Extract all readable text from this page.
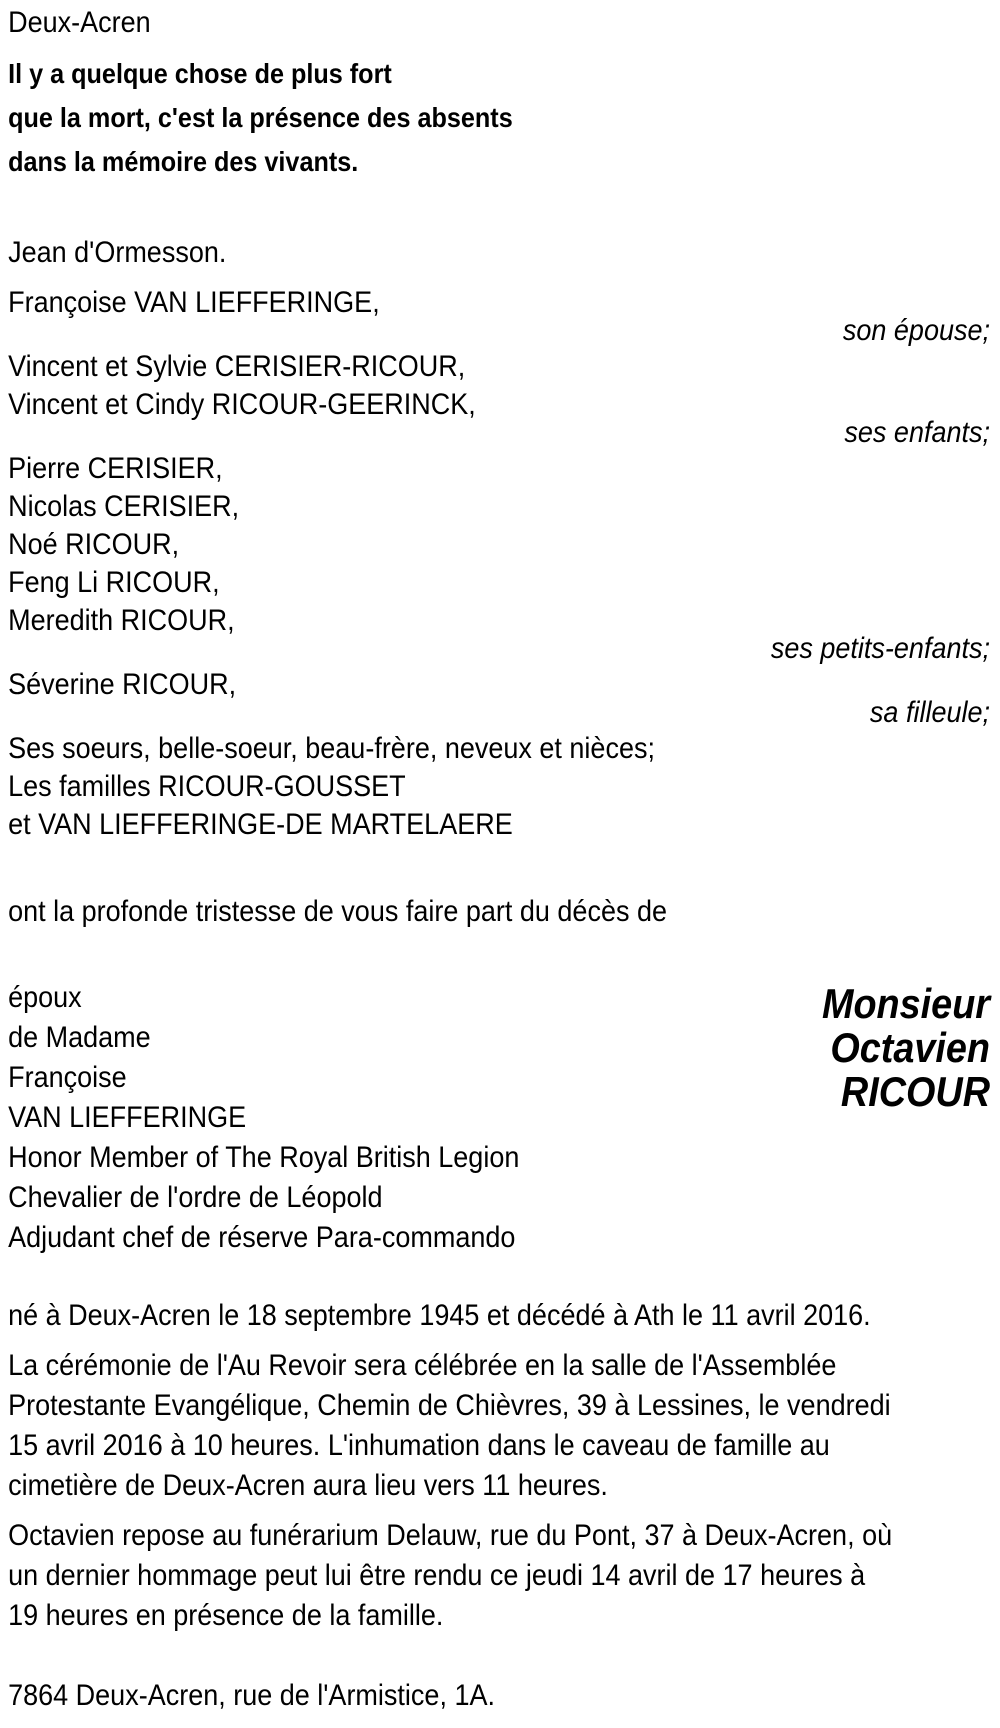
Deux-Acren
Il y a quelque chose de plus fort
que la mort, c'est la présence des absents
dans la mémoire des vivants.
Jean d'Ormesson.
Françoise VAN LIEFFERINGE,
son épouse;
Vincent et Sylvie CERISIER-RICOUR,
Vincent et Cindy RICOUR-GEERINCK,
ses enfants;
Pierre CERISIER,
Nicolas CERISIER,
Noé RICOUR,
Feng Li RICOUR,
Meredith RICOUR,
ses petits-enfants;
Séverine RICOUR,
sa filleule;
Ses soeurs, belle-soeur, beau-frère, neveux et nièces;
Les familles RICOUR-GOUSSET
et VAN LIEFFERINGE-DE MARTELAERE
ont la profonde tristesse de vous faire part du décès de
époux
de Madame
Françoise
VAN LIEFFERINGE
Honor Member of The Royal British Legion
Chevalier de l'ordre de Léopold
Adjudant chef de réserve Para-commando
Monsieur
Octavien
RICOUR
né à Deux-Acren le 18 septembre 1945 et décédé à Ath le 11 avril 2016.
La cérémonie de l'Au Revoir sera célébrée en la salle de l'Assemblée
Protestante Evangélique, Chemin de Chièvres, 39 à Lessines, le vendredi
15 avril 2016 à 10 heures. L'inhumation dans le caveau de famille au
cimetière de Deux-Acren aura lieu vers 11 heures.
Octavien repose au funérarium Delauw, rue du Pont, 37 à Deux-Acren, où
un dernier hommage peut lui être rendu ce jeudi 14 avril de 17 heures à
19 heures en présence de la famille.
7864 Deux-Acren, rue de l'Armistice, 1A.
